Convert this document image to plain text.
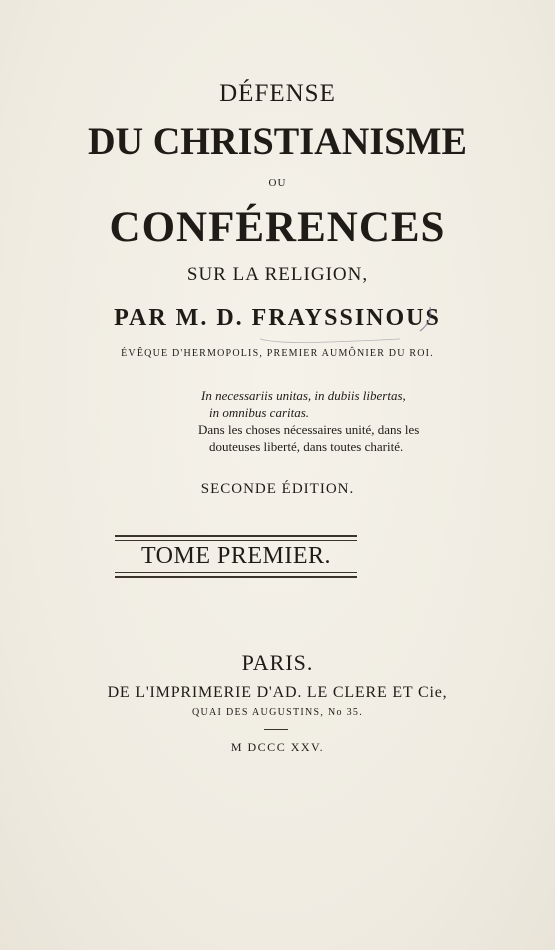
DÉFENSE
DU CHRISTIANISME
OU
CONFÉRENCES
SUR LA RELIGION,
PAR M. D. FRAYSSINOUS
ÉVÊQUE D'HERMOPOLIS, PREMIER AUMÔNIER DU ROI.
In necessariis unitas, in dubiis libertas,
in omnibus caritas.
Dans les choses nécessaires unité, dans les
douteuses liberté, dans toutes charité.
SECONDE ÉDITION.
TOME PREMIER.
PARIS.
DE L'IMPRIMERIE D'AD. LE CLERE ET Cie,
QUAI DES AUGUSTINS, No 35.
M DCCC XXV.
